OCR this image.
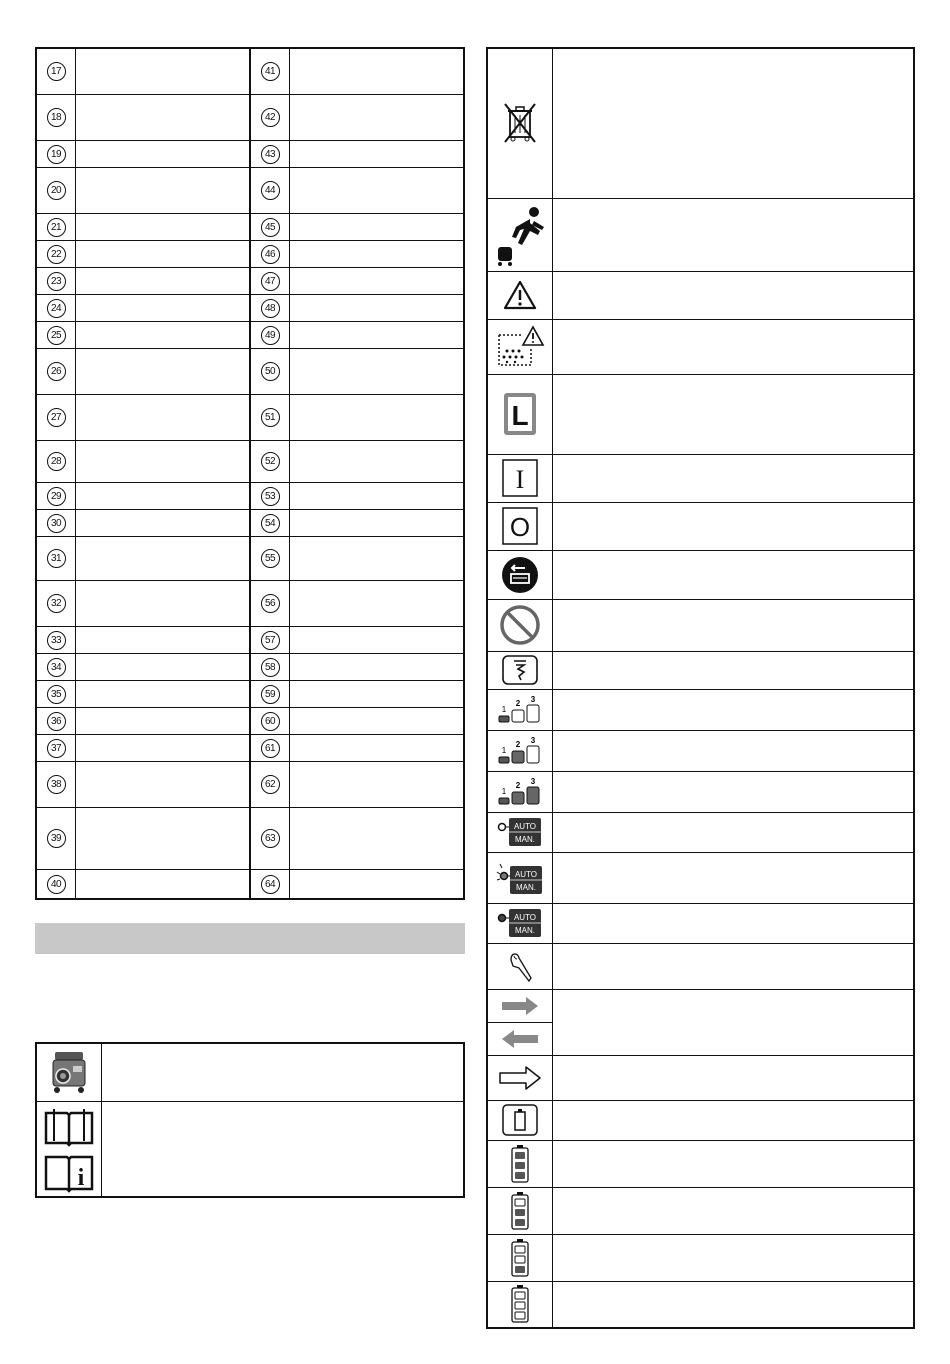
17		41	
18		42	
19		43	
20		44	
21		45	
22		46	
23		47	
24		48	
25		49	
26		50	
27		51	
28		52	
29		53	
30		54	
31		55	
32		56	
33		57	
34		58	
35		59	
36		60	
37		61	
38		62	
39		63	
40		64	

i	

L	

I	

O	

1
2 3	

1
2 3	

1
2 3	

AUTO
MAN.	

AUTO
MAN.	

AUTO
MAN.	
